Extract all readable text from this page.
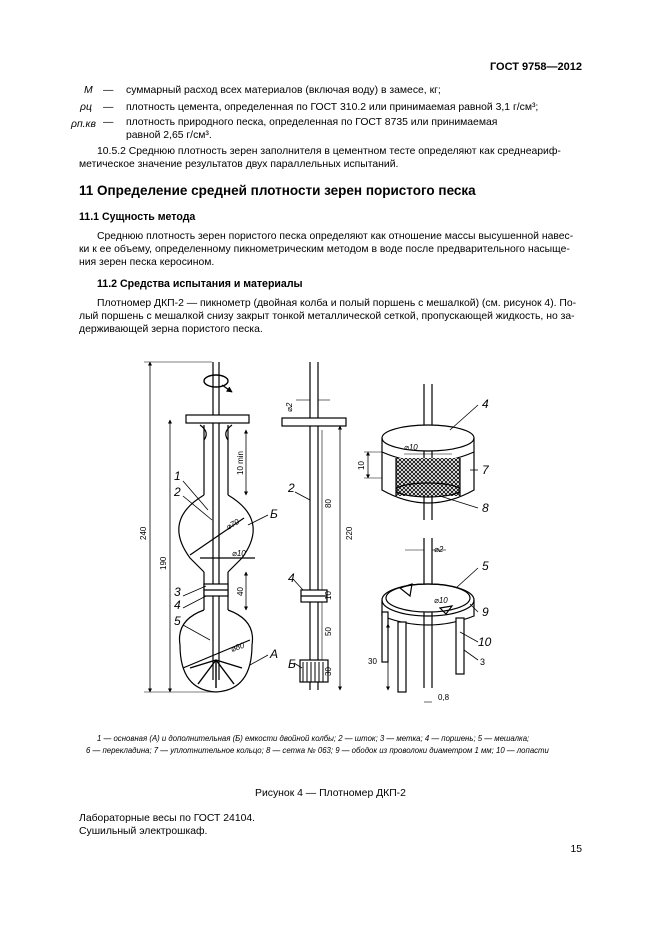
ГОСТ 9758—2012
M — суммарный расход всех материалов (включая воду) в замесе, кг;
ρц — плотность цемента, определенная по ГОСТ 310.2 или принимаемая равной 3,1 г/см³;
ρп.кв — плотность природного песка, определенная по ГОСТ 8735 или принимаемая
равной 2,65 г/см³.
10.5.2 Среднюю плотность зерен заполнителя в цементном тесте определяют как среднеариф-
метическое значение результатов двух параллельных испытаний.
11 Определение средней плотности зерен пористого песка
11.1 Сущность метода
Среднюю плотность зерен пористого песка определяют как отношение массы высушенной навес-
ки к ее объему, определенному пикнометрическим методом в воде после предварительного насыще-
ния зерен песка керосином.
11.2 Средства испытания и материалы
Плотномер ДКП-2 — пикнометр (двойная колба и полый поршень с мешалкой) (см. рисунок 4). По-
лый поршень с мешалкой снизу закрыт тонкой металлической сеткой, пропускающей жидкость, но за-
держивающей зерна пористого песка.
1
2
3
4
5
Б
А
⌀70
⌀10
⌀80
240
190
10 min
40
2
4
Б
⌀2
220
80
10
50
30
4
7
8
⌀10
10
⌀2
⌀10
5
9
10
3
30
0,8
1 — основная (А) и дополнительная (Б) емкости двойной колбы; 2 — шток; 3 — метка; 4 — поршень; 5 — мешалка;
6 — перекладина; 7 — уплотнительное кольцо; 8 — сетка № 063; 9 — ободок из проволоки диаметром 1 мм; 10 — лопасти
Рисунок 4 — Плотномер ДКП-2
Лабораторные весы по ГОСТ 24104.
Сушильный электрошкаф.
15
